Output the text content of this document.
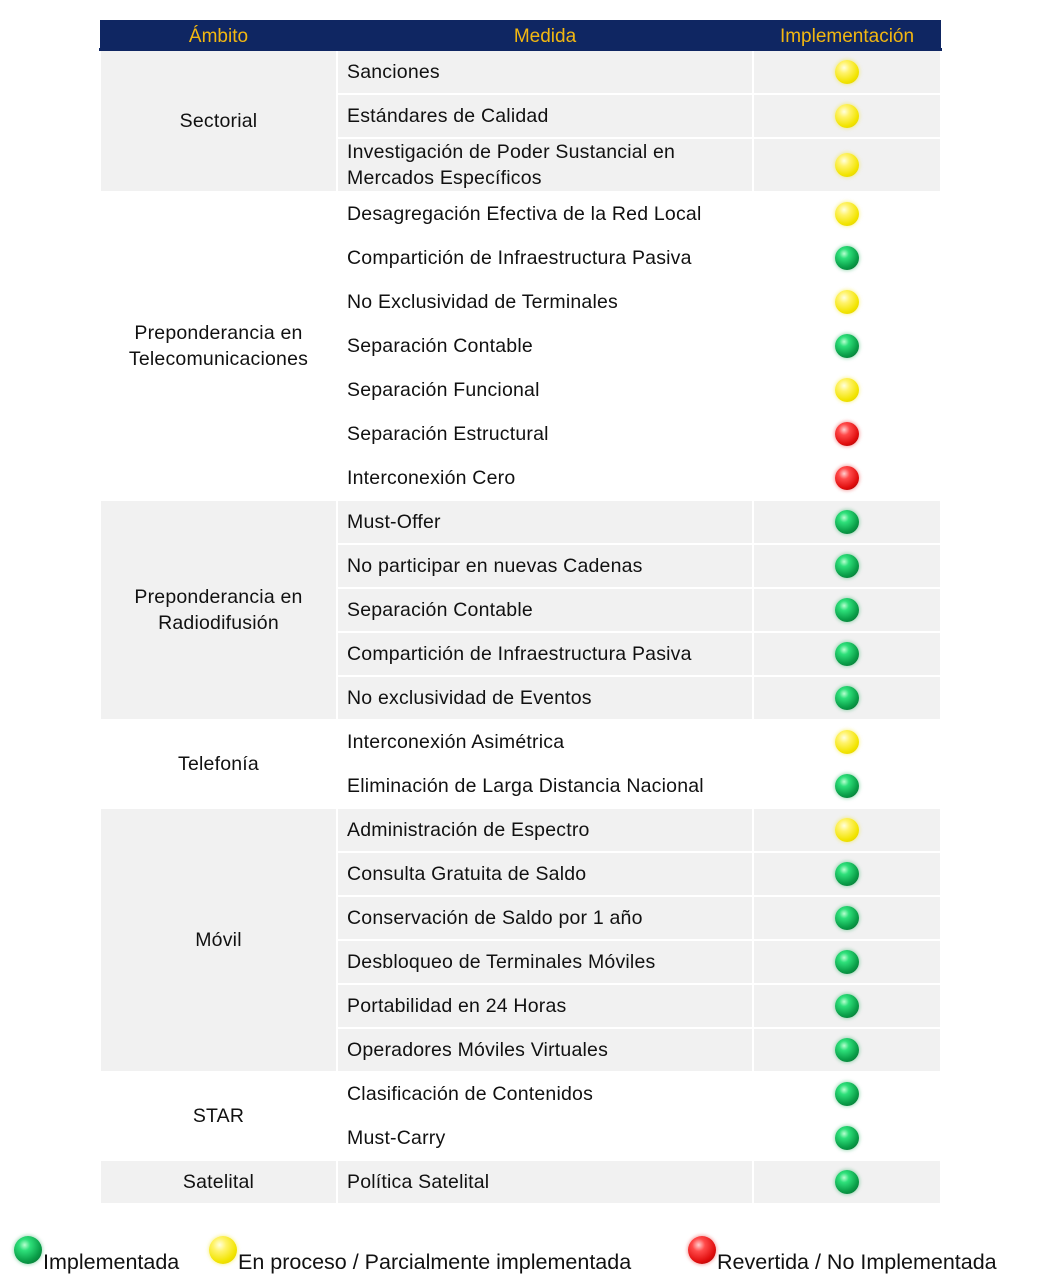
Ámbito	Medida	Implementación
Sectorial	Sanciones	
	Estándares de Calidad	
	Investigación de Poder Sustancial en Mercados Específicos	
Preponderancia en Telecomunicaciones	Desagregación Efectiva de la Red Local	
	Compartición de Infraestructura Pasiva	
	No Exclusividad de Terminales	
	Separación Contable	
	Separación Funcional	
	Separación Estructural	
	Interconexión Cero	
Preponderancia en Radiodifusión	Must-Offer	
	No participar en nuevas Cadenas	
	Separación Contable	
	Compartición de Infraestructura Pasiva	
	No exclusividad de Eventos	
Telefonía	Interconexión Asimétrica	
	Eliminación de Larga Distancia Nacional	
Móvil	Administración de Espectro	
	Consulta Gratuita de Saldo	
	Conservación de Saldo por 1 año	
	Desbloqueo de Terminales Móviles	
	Portabilidad en 24 Horas	
	Operadores Móviles Virtuales	
STAR	Clasificación de Contenidos	
	Must-Carry	
Satelital	Política Satelital	
Implementada	En proceso / Parcialmente implementada	Revertida / No Implementada
